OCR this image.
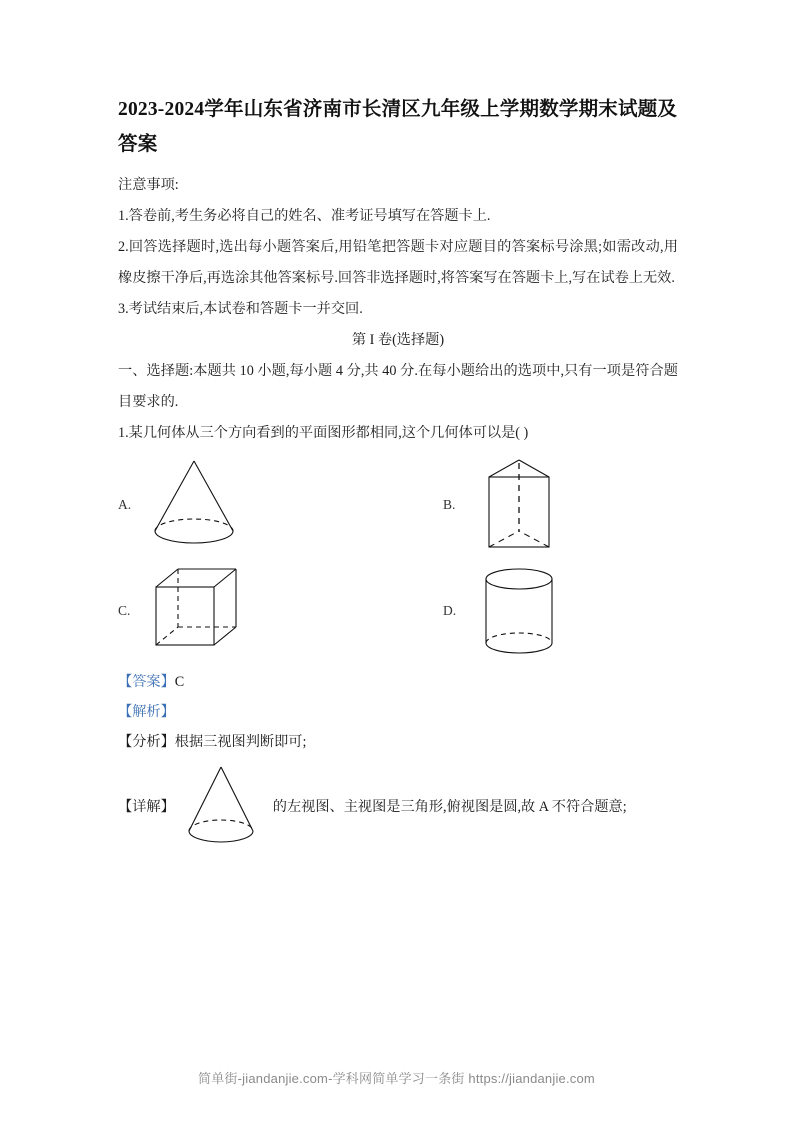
2023-2024学年山东省济南市长清区九年级上学期数学期末试题及答案

注意事项:

1.答卷前,考生务必将自己的姓名、准考证号填写在答题卡上.

2.回答选择题时,选出每小题答案后,用铅笔把答题卡对应题目的答案标号涂黑;如需改动,用橡皮擦干净后,再选涂其他答案标号.回答非选择题时,将答案写在答题卡上,写在试卷上无效.

3.考试结束后,本试卷和答题卡一并交回.

第 I 卷(选择题)

一、选择题:本题共 10 小题,每小题 4 分,共 40 分.在每小题给出的选项中,只有一项是符合题目要求的.

1.某几何体从三个方向看到的平面图形都相同,这个几何体可以是( )

A.	B.
C.	D.

【答案】C

【解析】

【分析】根据三视图判断即可;

【详解】	的左视图、主视图是三角形,俯视图是圆,故 A 不符合题意;
简单街-jiandanjie.com-学科网简单学习一条街 https://jiandanjie.com
